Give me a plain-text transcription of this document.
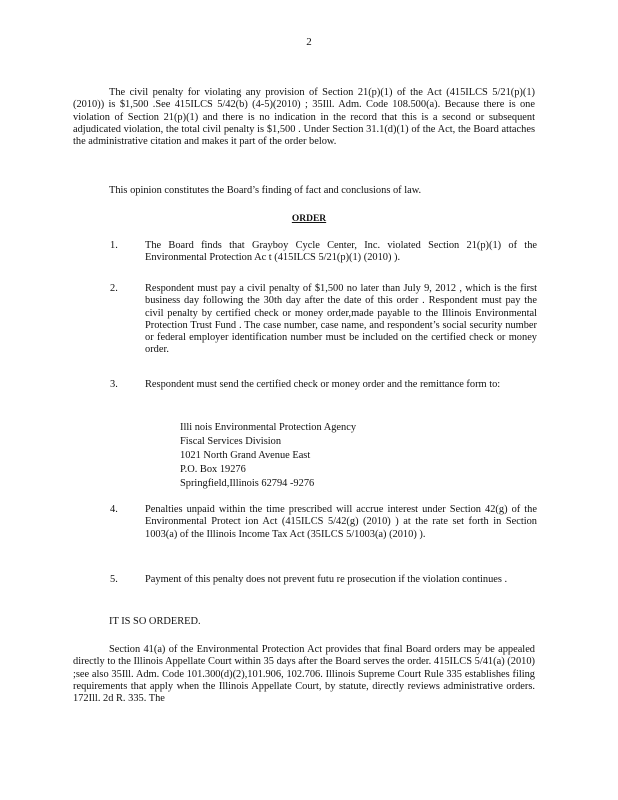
2

The civil penalty for violating any provision of Section 21(p)(1) of the Act (415ILCS 5/21(p)(1) (2010)) is $1,500 .See 415ILCS 5/42(b) (4-5)(2010) ; 35Ill. Adm. Code 108.500(a). Because there is one violation of Section 21(p)(1) and there is no indication in the record that this is a second or subsequent adjudicated violation, the total civil penalty is $1,500 . Under Section 31.1(d)(1) of the Act, the Board attaches the administrative citation and makes it part of the order below.

This opinion constitutes the Board’s finding of fact and conclusions of law.

ORDER
1.	The Board finds that Grayboy Cycle Center, Inc. violated Section 21(p)(1) of the Environmental Protection Ac t (415ILCS 5/21(p)(1) (2010) ).
2.	Respondent must pay a civil penalty of $1,500 no later than July 9, 2012 , which is the first business day following the 30th day after the date of this order . Respondent must pay the civil penalty by certified check or money order,made payable to the Illinois Environmental Protection Trust Fund . The case number, case name, and respondent’s social security number or federal employer identification number must be included on the certified check or money order.
3.	Respondent must send the certified check or money order and the remittance form to:
Illi nois Environmental Protection Agency
Fiscal Services Division
1021 North Grand Avenue East
P.O. Box 19276
Springfield,Illinois 62794 -9276
4.	Penalties unpaid within the time prescribed will accrue interest under Section 42(g) of the Environmental Protect ion Act (415ILCS 5/42(g) (2010) ) at the rate set forth in Section 1003(a) of the Illinois Income Tax Act (35ILCS 5/1003(a) (2010) ).
5.	Payment of this penalty does not prevent futu re prosecution if the violation continues .

IT IS SO ORDERED.

Section 41(a) of the Environmental Protection Act provides that final Board orders may be appealed directly to the Illinois Appellate Court within 35 days after the Board serves the order. 415ILCS 5/41(a) (2010) ;see also 35Ill. Adm. Code 101.300(d)(2),101.906, 102.706. Illinois Supreme Court Rule 335 establishes filing requirements that apply when the Illinois Appellate Court, by statute, directly reviews administrative orders. 172Ill. 2d R. 335. The
